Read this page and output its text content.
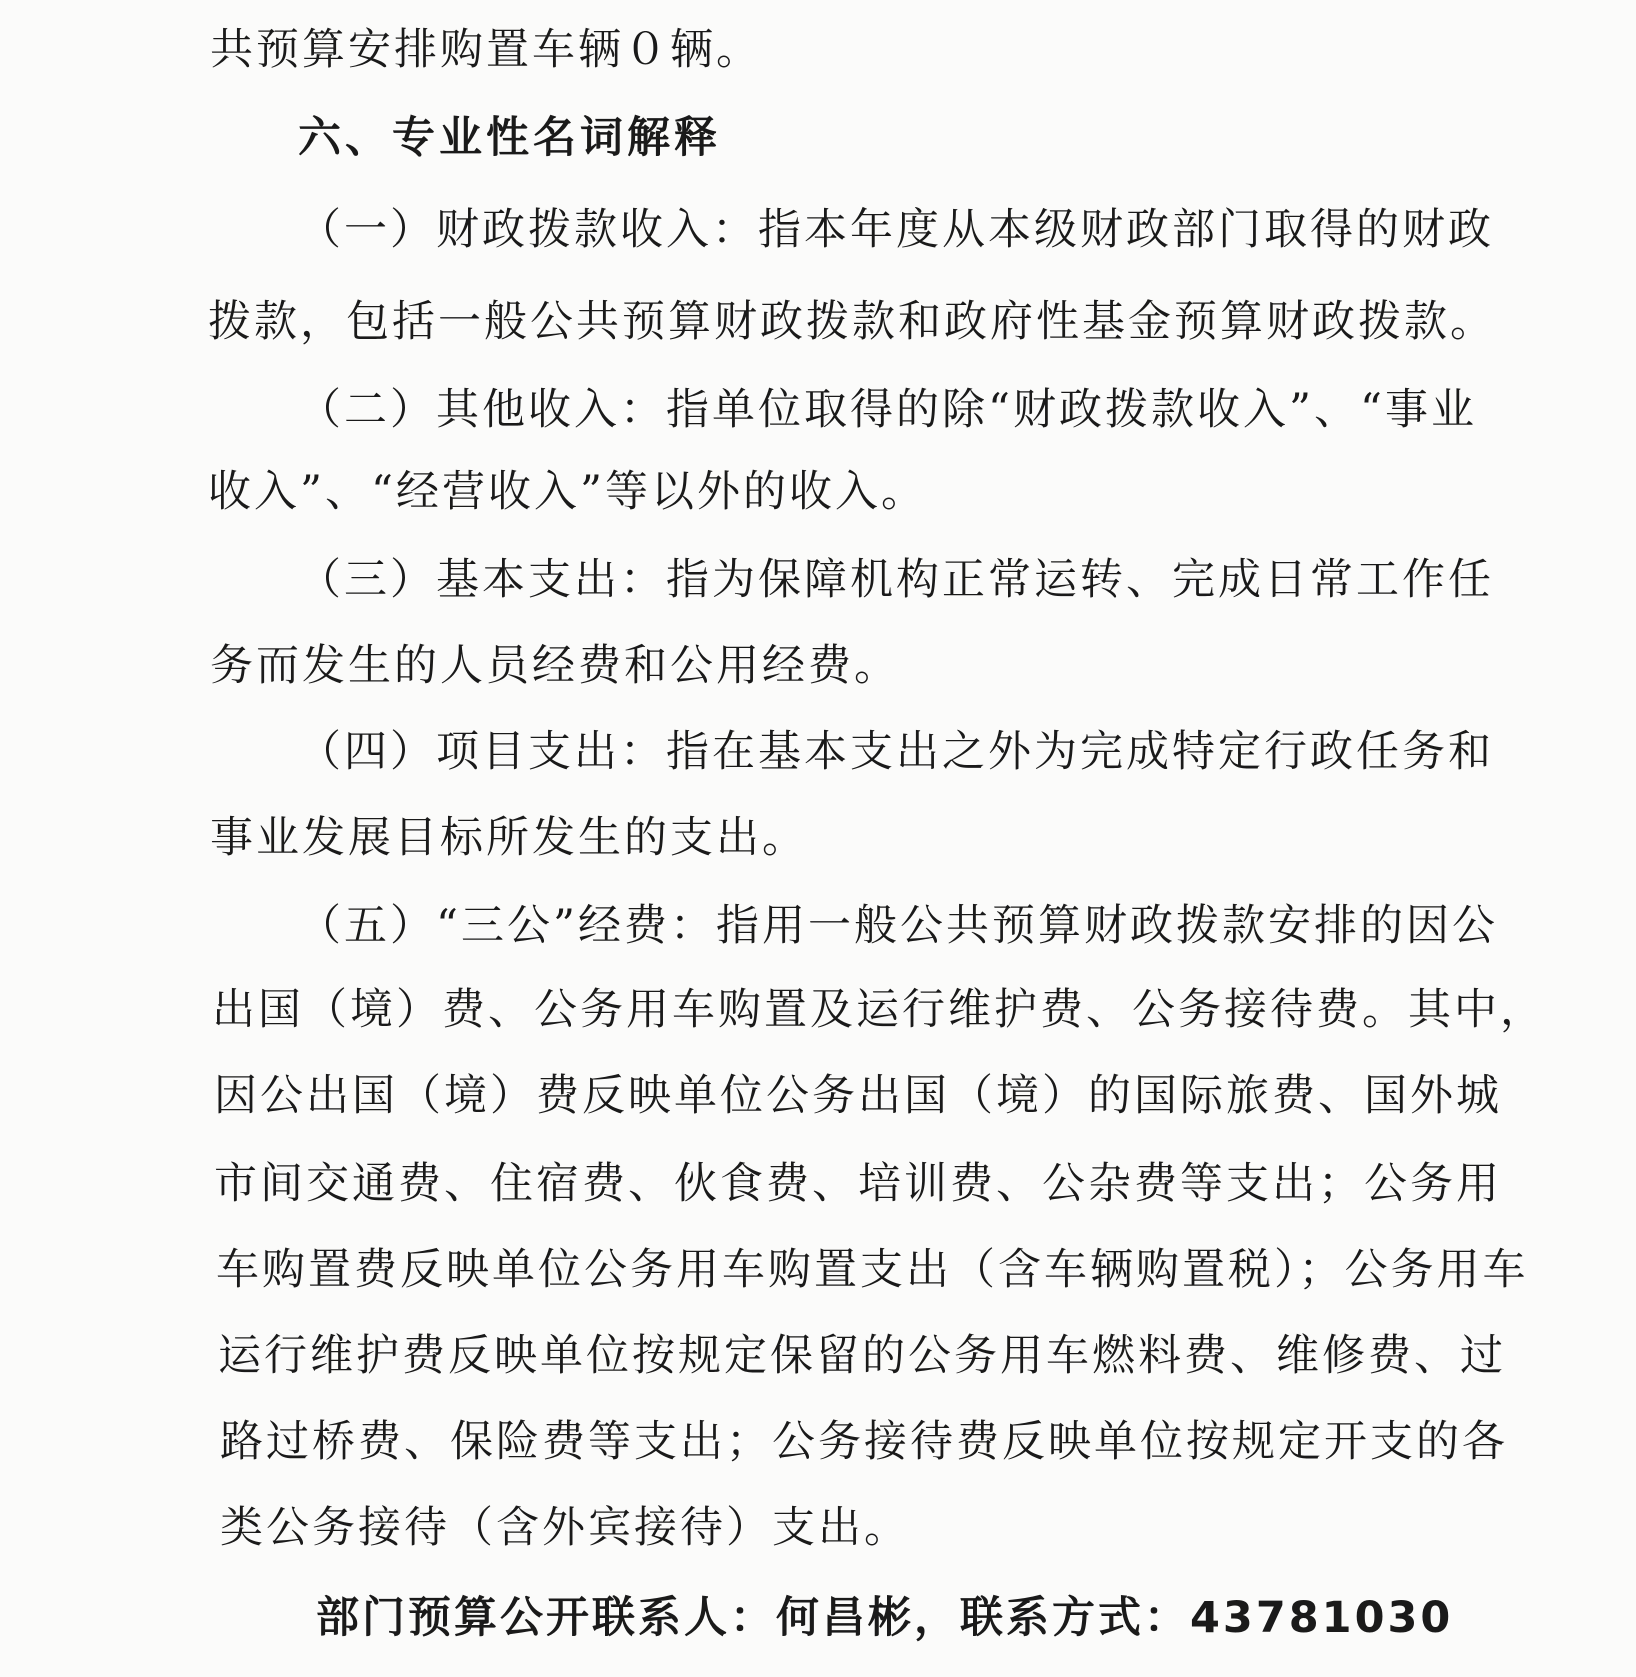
共预算安排购置车辆０辆。
六、专业性名词解释
（一）财政拨款收入：指本年度从本级财政部门取得的财政
拨款，包括一般公共预算财政拨款和政府性基金预算财政拨款。
（二）其他收入：指单位取得的除“财政拨款收入”、“事业
收入”、“经营收入”等以外的收入。
（三）基本支出：指为保障机构正常运转、完成日常工作任
务而发生的人员经费和公用经费。
（四）项目支出：指在基本支出之外为完成特定行政任务和
事业发展目标所发生的支出。
（五）“三公”经费：指用一般公共预算财政拨款安排的因公
出国（境）费、公务用车购置及运行维护费、公务接待费。其中，
因公出国（境）费反映单位公务出国（境）的国际旅费、国外城
市间交通费、住宿费、伙食费、培训费、公杂费等支出；公务用
车购置费反映单位公务用车购置支出（含车辆购置税）；公务用车
运行维护费反映单位按规定保留的公务用车燃料费、维修费、过
路过桥费、保险费等支出；公务接待费反映单位按规定开支的各
类公务接待（含外宾接待）支出。
部门预算公开联系人：何昌彬，联系方式：43781030
